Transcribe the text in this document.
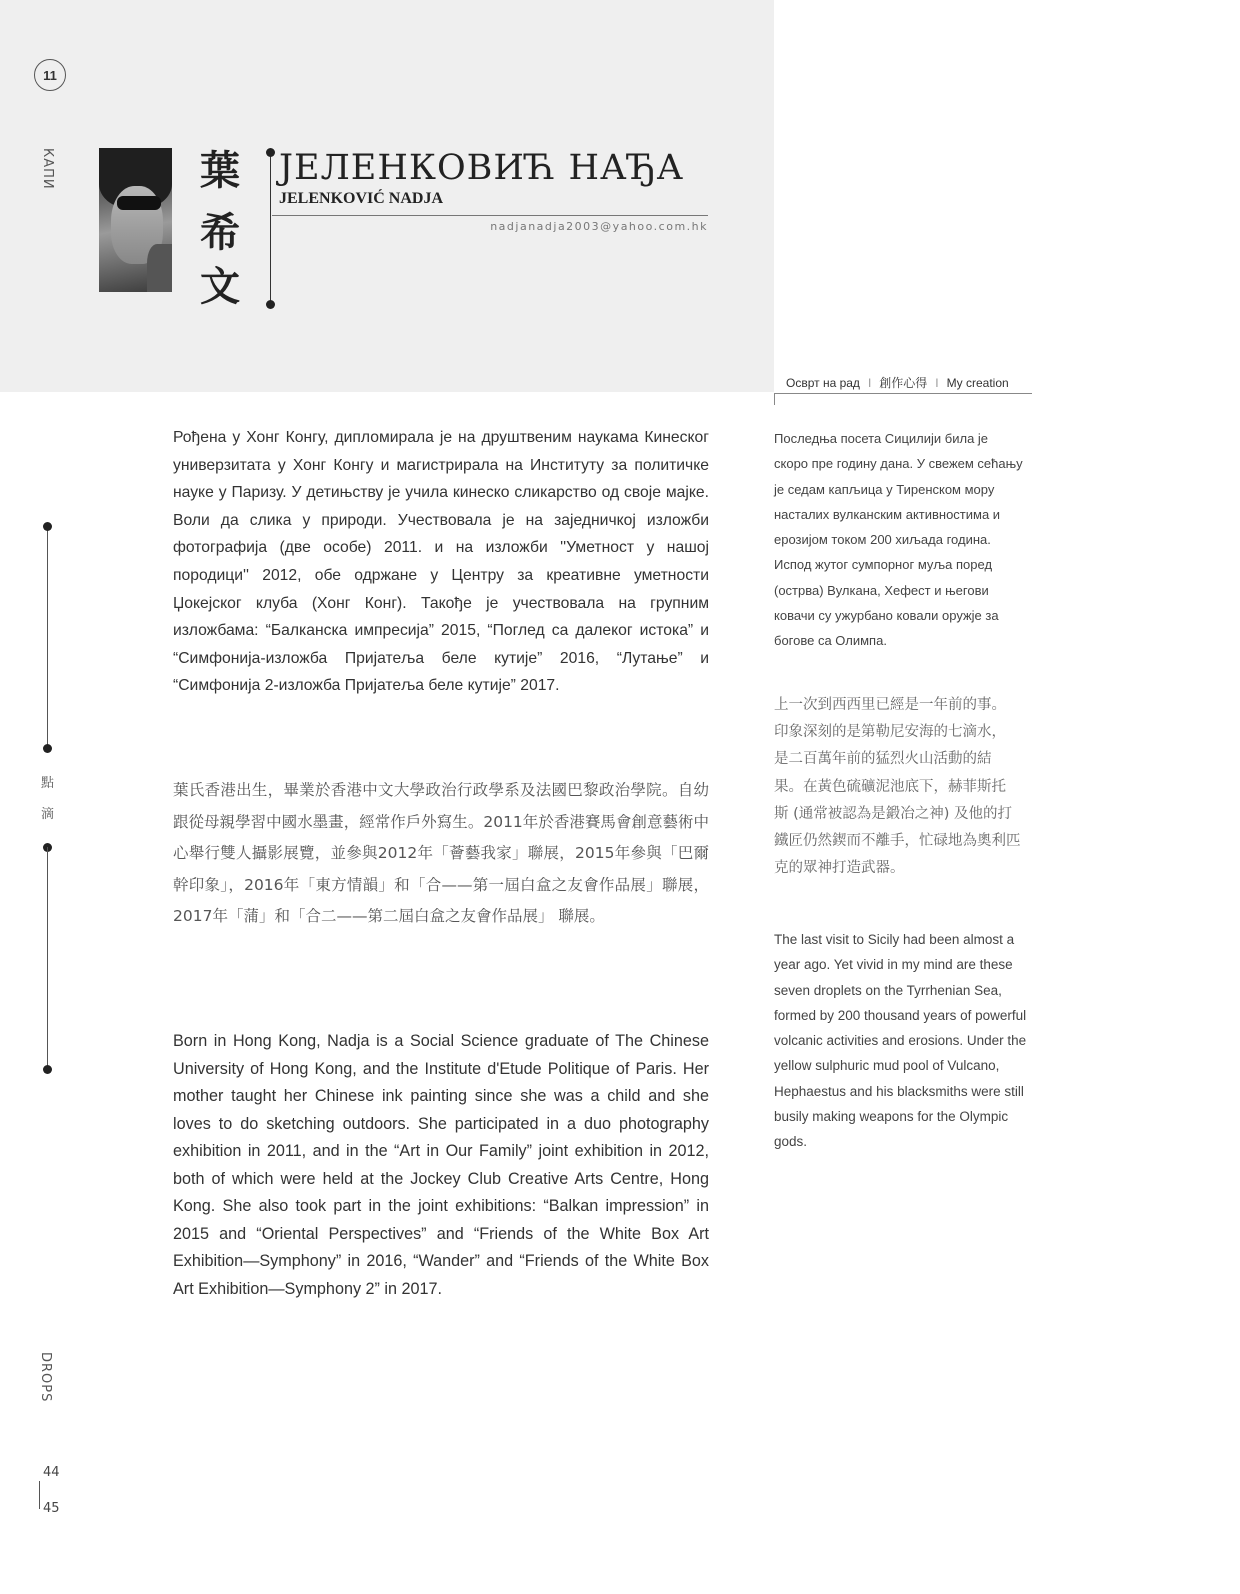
11
КАПИ
點
滴
DROPS
44
45
葉
希
文
ЈЕЛЕНКОВИЋ НАЂА
JELENKOVIĆ NADJA
nadjanadja2003@yahoo.com.hk
Осврт на рад I 創作心得 I My creation

Рођена у Хонг Конгу, дипломирала је на друштвеним наукама Кинеског универзитата у Хонг Конгу и магистрирала на Институту за политичке науке у Паризу. У детињству је учила кинеско сликарство од своје мајке. Воли да слика у природи. Учествовала је на заједничкој изложби фотографија (две особе) 2011. и на изложби ''Уметност у нашој породици'' 2012, обе одржане у Центру за креативне уметности Џокејског клуба (Хонг Конг). Такође је учествовала на групним изложбама: “Балканска импресија” 2015, “Поглед са далеког истока” и “Симфонија-изложба Пријатеља беле кутије” 2016, “Лутање” и “Симфонија 2-изложба Пријатеља беле кутије” 2017.

葉氏香港出生，畢業於香港中文大學政治行政學系及法國巴黎政治學院。自幼跟從母親學習中國水墨畫，經常作戶外寫生。2011年於香港賽馬會創意藝術中心舉行雙人攝影展覽，並參與2012年「薈藝我家」聯展，2015年參與「巴爾幹印象」，2016年「東方情韻」和「合——第一屆白盒之友會作品展」聯展，2017年「蒲」和「合二——第二屆白盒之友會作品展」 聯展。

Born in Hong Kong, Nadja is a Social Science graduate of The Chinese University of Hong Kong, and the Institute d'Etude Politique of Paris. Her mother taught her Chinese ink painting since she was a child and she loves to do sketching outdoors. She participated in a duo photography exhibition in 2011, and in the “Art in Our Family” joint exhibition in 2012, both of which were held at the Jockey Club Creative Arts Centre, Hong Kong. She also took part in the joint exhibitions: “Balkan impression” in 2015 and “Oriental Perspectives” and “Friends of the White Box Art Exhibition—Symphony” in 2016, “Wander” and “Friends of the White Box Art Exhibition—Symphony 2” in 2017.

Последња посета Сицилији била је
скоро пре годину дана. У свежем сећању
је седам капљица у Тиренском мору
насталих вулканским активностима и
ерозијом током 200 хиљада година.
Испод жутог сумпорног муља поред
(острва) Вулкана, Хефест и његови
ковачи су ужурбано ковали оружје за
богове са Олимпа.
上一次到西西里已經是一年前的事。
印象深刻的是第勒尼安海的七滴水，
是二百萬年前的猛烈火山活動的結
果。在黃色硫礦泥池底下，赫菲斯托
斯 (通常被認為是鍛冶之神) 及他的打
鐵匠仍然鍥而不離手，忙碌地為奧利匹
克的眾神打造武器。
The last visit to Sicily had been almost a
year ago. Yet vivid in my mind are these
seven droplets on the Tyrrhenian Sea,
formed by 200 thousand years of powerful
volcanic activities and erosions. Under the
yellow sulphuric mud pool of Vulcano,
Hephaestus and his blacksmiths were still
busily making weapons for the Olympic
gods.
